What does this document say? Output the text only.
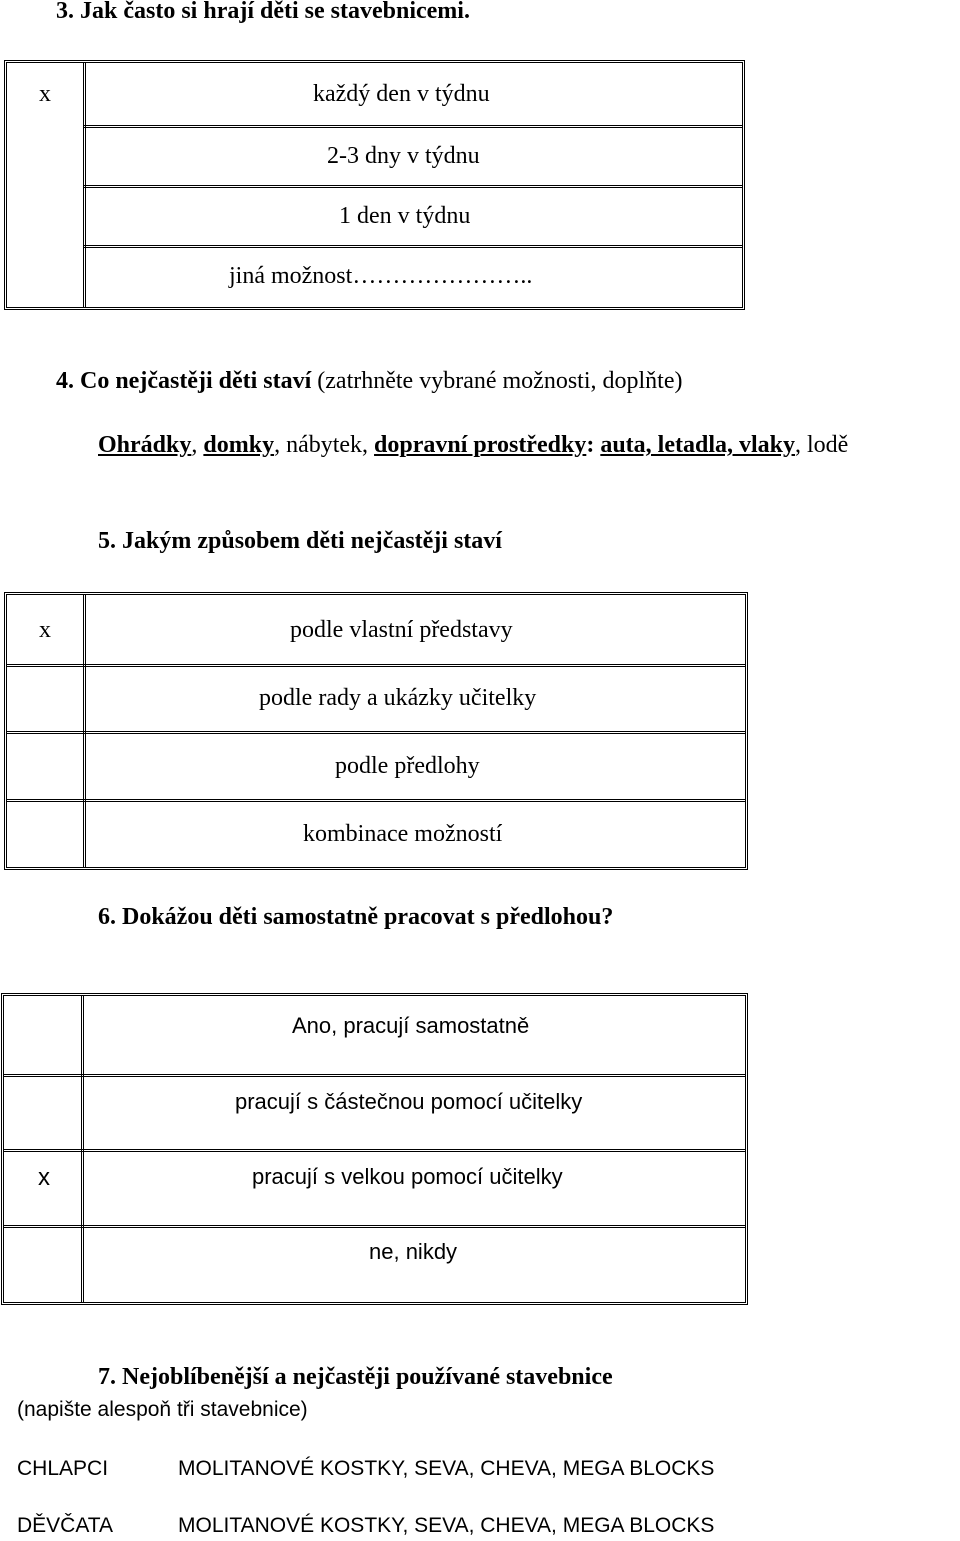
3. Jak často si hrají děti se stavebnicemi.
x	každý den v týdnu
2-3 dny v týdnu
1 den v týdnu
jiná možnost…………………..
4. Co nejčastěji děti staví (zatrhněte vybrané možnosti, doplňte)
Ohrádky, domky, nábytek, dopravní prostředky: auta, letadla, vlaky, lodě
5. Jakým způsobem děti nejčastěji staví
x	podle vlastní představy
podle rady a ukázky učitelky
podle předlohy
kombinace možností
6. Dokážou děti samostatně pracovat s předlohou?
Ano, pracují samostatně
pracují s částečnou pomocí učitelky
x	pracují s velkou pomocí učitelky
ne, nikdy
7. Nejoblíbenější a nejčastěji používané stavebnice
(napište alespoň tři stavebnice)
CHLAPCI	MOLITANOVÉ KOSTKY, SEVA, CHEVA, MEGA BLOCKS
DĚVČATA	MOLITANOVÉ KOSTKY, SEVA, CHEVA, MEGA BLOCKS
